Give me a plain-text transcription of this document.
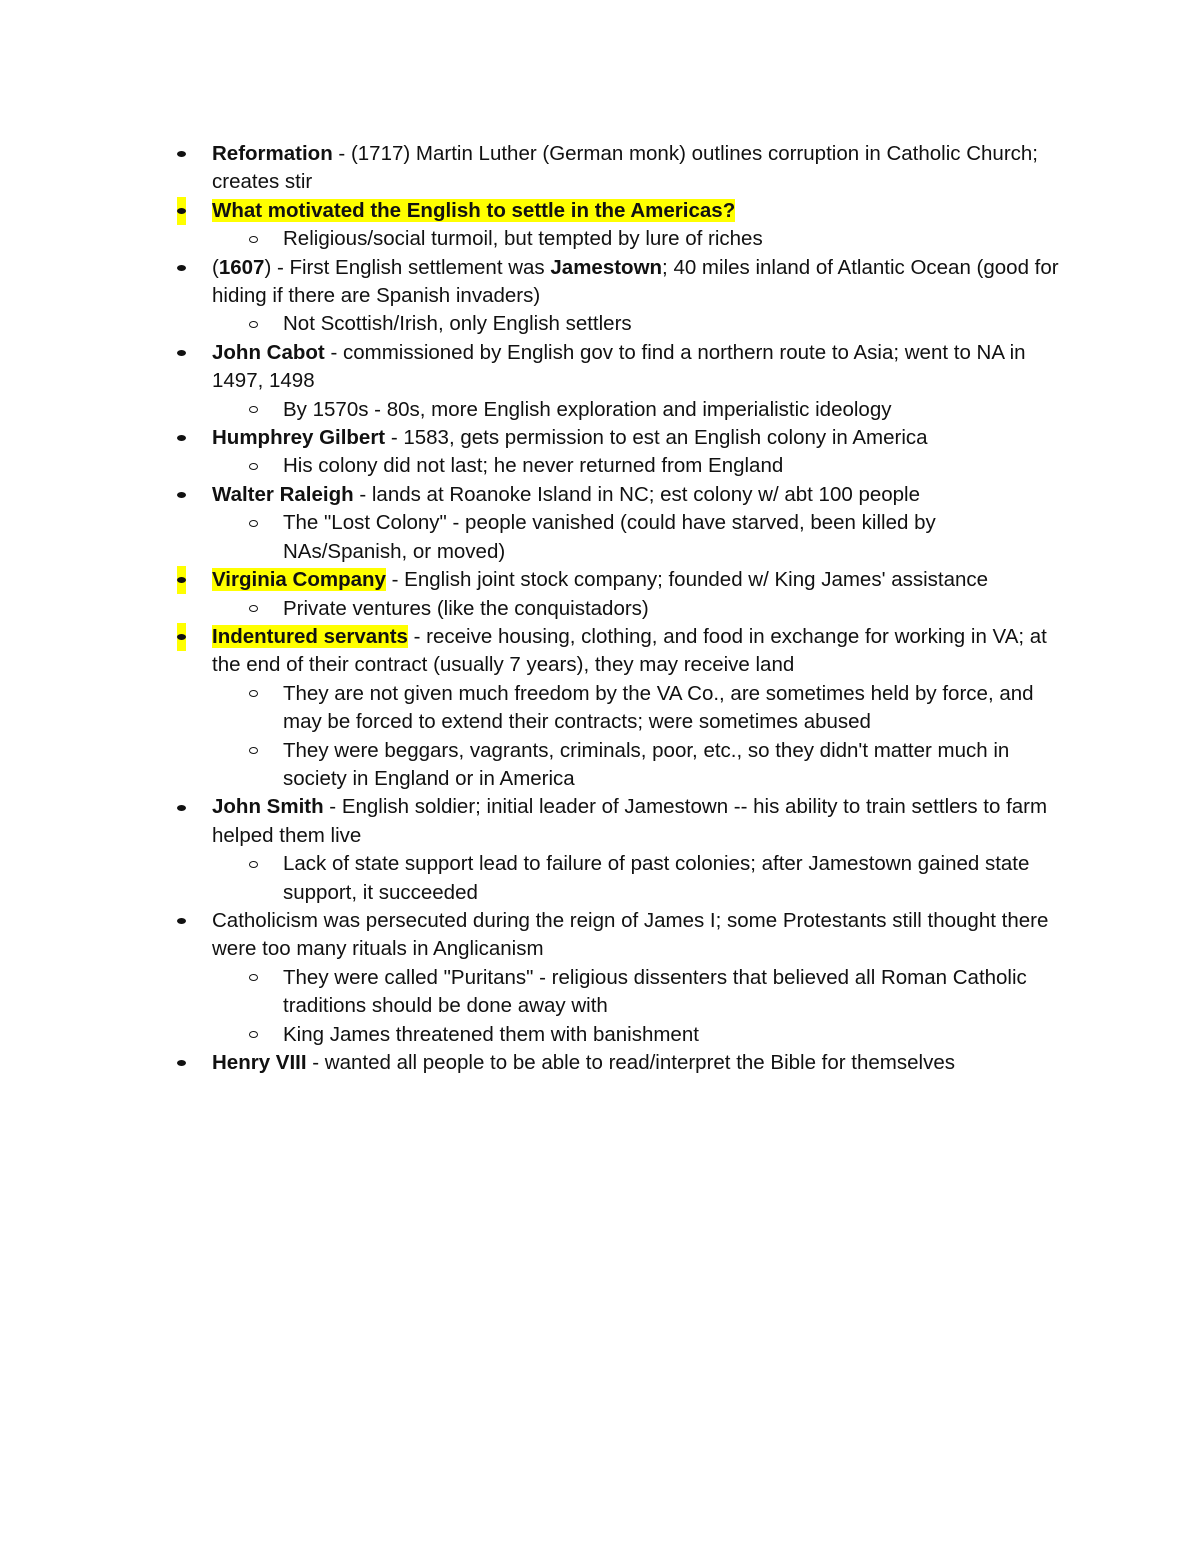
Reformation - (1717) Martin Luther (German monk) outlines corruption in Catholic Church; creates stir
What motivated the English to settle in the Americas?
Religious/social turmoil, but tempted by lure of riches
(1607) - First English settlement was Jamestown; 40 miles inland of Atlantic Ocean (good for hiding if there are Spanish invaders)
Not Scottish/Irish, only English settlers
John Cabot - commissioned by English gov to find a northern route to Asia; went to NA in 1497, 1498
By 1570s - 80s, more English exploration and imperialistic ideology
Humphrey Gilbert - 1583, gets permission to est an English colony in America
His colony did not last; he never returned from England
Walter Raleigh - lands at Roanoke Island in NC; est colony w/ abt 100 people
The "Lost Colony" - people vanished (could have starved, been killed by NAs/Spanish, or moved)
Virginia Company - English joint stock company; founded w/ King James' assistance
Private ventures (like the conquistadors)
Indentured servants - receive housing, clothing, and food in exchange for working in VA; at the end of their contract (usually 7 years), they may receive land
They are not given much freedom by the VA Co., are sometimes held by force, and may be forced to extend their contracts; were sometimes abused
They were beggars, vagrants, criminals, poor, etc., so they didn't matter much in society in England or in America
John Smith - English soldier; initial leader of Jamestown -- his ability to train settlers to farm helped them live
Lack of state support lead to failure of past colonies; after Jamestown gained state support, it succeeded
Catholicism was persecuted during the reign of James I; some Protestants still thought there were too many rituals in Anglicanism
They were called "Puritans" - religious dissenters that believed all Roman Catholic traditions should be done away with
King James threatened them with banishment
Henry VIII - wanted all people to be able to read/interpret the Bible for themselves
